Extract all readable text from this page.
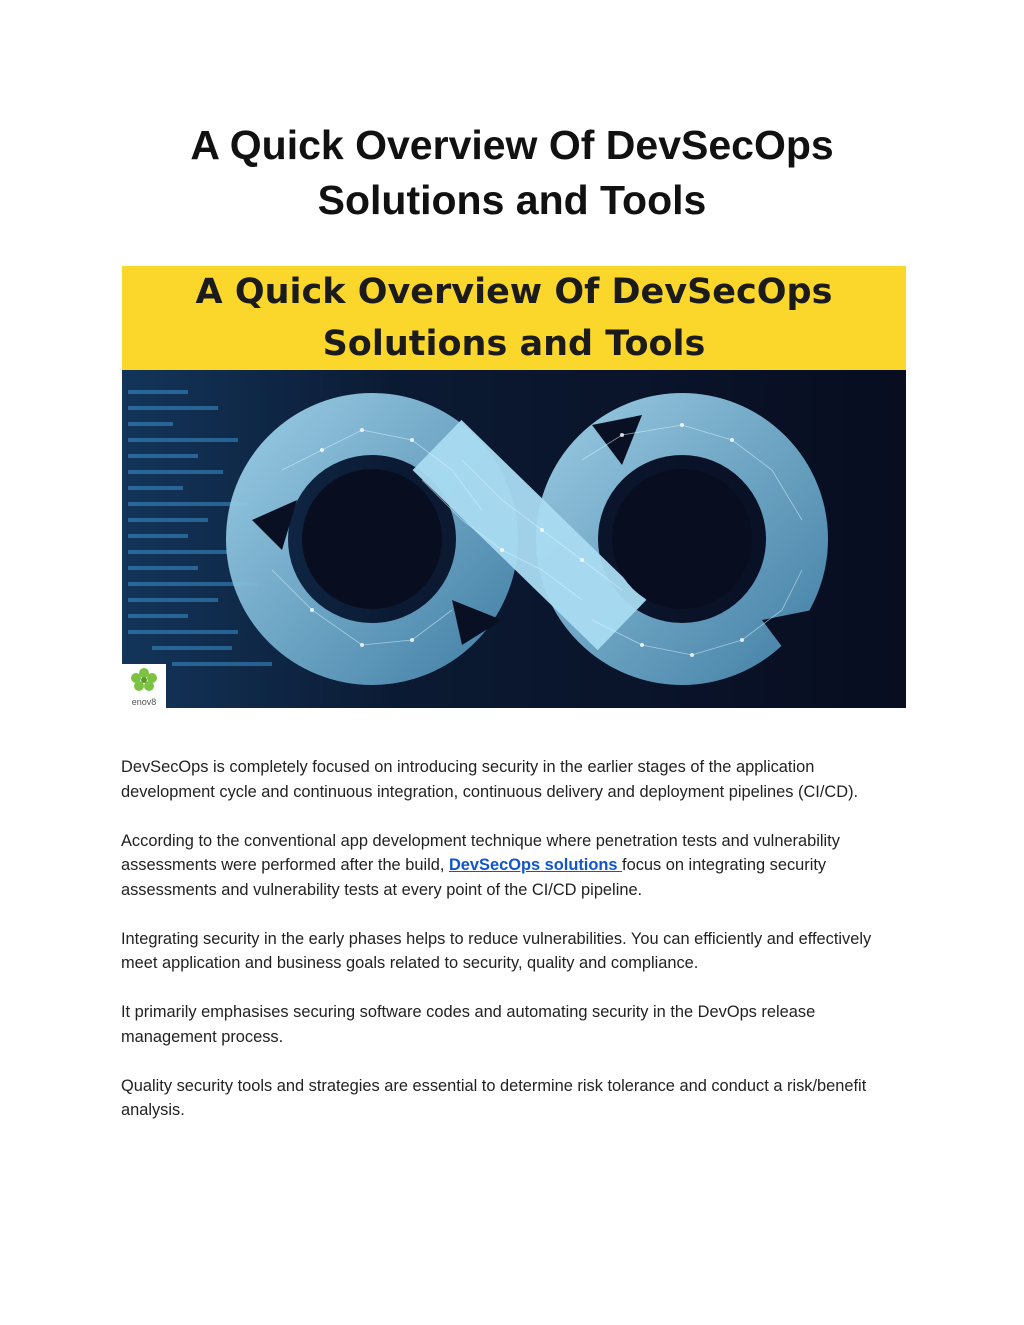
A Quick Overview Of DevSecOps
Solutions and Tools
A Quick Overview Of DevSecOps
Solutions and Tools
enov8

DevSecOps is completely focused on introducing security in the earlier stages of the application development cycle and continuous integration, continuous delivery and deployment pipelines (CI/CD).

According to the conventional app development technique where penetration tests and vulnerability assessments were performed after the build, DevSecOps solutions focus on integrating security assessments and vulnerability tests at every point of the CI/CD pipeline.

Integrating security in the early phases helps to reduce vulnerabilities. You can efficiently and effectively meet application and business goals related to security, quality and compliance.

It primarily emphasises securing software codes and automating security in the DevOps release management process.

Quality security tools and strategies are essential to determine risk tolerance and conduct a risk/benefit analysis.
